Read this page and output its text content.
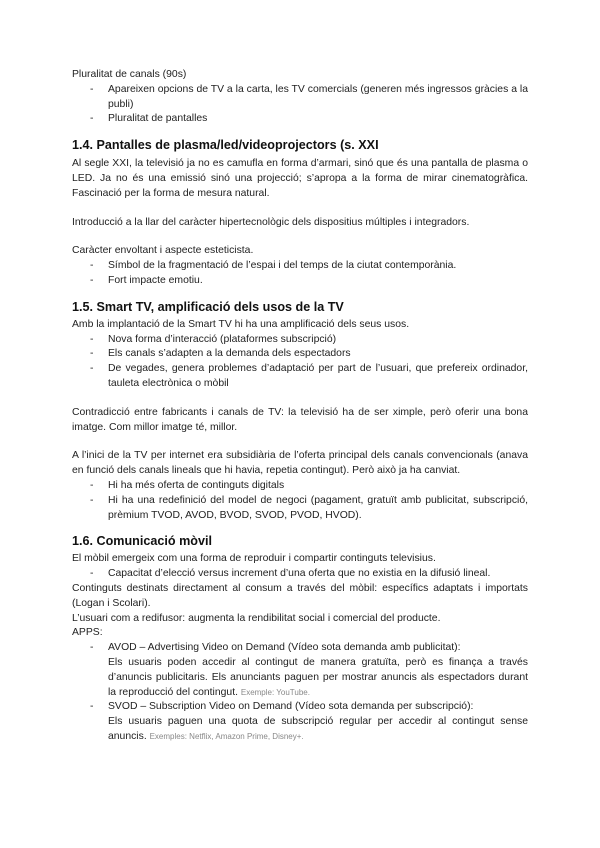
Pluralitat de canals (90s)

- Apareixen opcions de TV a la carta, les TV comercials (generen més ingressos gràcies a la publi)
- Pluralitat de pantalles
1.4. Pantalles de plasma/led/videoprojectors (s. XXI

Al segle XXI, la televisió ja no es camufla en forma d’armari, sinó que és una pantalla de plasma o LED. Ja no és una emissió sinó una projecció; s’apropa a la forma de mirar cinematogràfica. Fascinació per la forma de mesura natural.

Introducció a la llar del caràcter hipertecnològic dels dispositius múltiples i integradors.

Caràcter envoltant i aspecte esteticista.

- Símbol de la fragmentació de l’espai i del temps de la ciutat contemporània.
- Fort impacte emotiu.
1.5. Smart TV, amplificació dels usos de la TV

Amb la implantació de la Smart TV hi ha una amplificació dels seus usos.

- Nova forma d’interacció (plataformes subscripció)
- Els canals s’adapten a la demanda dels espectadors
- De vegades, genera problemes d’adaptació per part de l’usuari, que prefereix ordinador, tauleta electrònica o mòbil

Contradicció entre fabricants i canals de TV: la televisió ha de ser ximple, però oferir una bona imatge. Com millor imatge té, millor.

A l’inici de la TV per internet era subsidiària de l’oferta principal dels canals convencionals (anava en funció dels canals lineals que hi havia, repetia contingut). Però això ja ha canviat.

- Hi ha més oferta de continguts digitals
- Hi ha una redefinició del model de negoci (pagament, gratuït amb publicitat, subscripció, prèmium TVOD, AVOD, BVOD, SVOD, PVOD, HVOD).
1.6. Comunicació mòvil

El mòbil emergeix com una forma de reproduir i compartir continguts televisius.

- Capacitat d’elecció versus increment d’una oferta que no existia en la difusió lineal.

Continguts destinats directament al consum a través del mòbil: específics adaptats i importats (Logan i Scolari).

L’usuari com a redifusor: augmenta la rendibilitat social i comercial del producte.

APPS:

- AVOD – Advertising Video on Demand (Vídeo sota demanda amb publicitat):
Els usuaris poden accedir al contingut de manera gratuïta, però es finança a través d’anuncis publicitaris. Els anunciants paguen per mostrar anuncis als espectadors durant la reproducció del contingut. Exemple: YouTube.
- SVOD – Subscription Video on Demand (Vídeo sota demanda per subscripció):
Els usuaris paguen una quota de subscripció regular per accedir al contingut sense anuncis. Exemples: Netflix, Amazon Prime, Disney+.
